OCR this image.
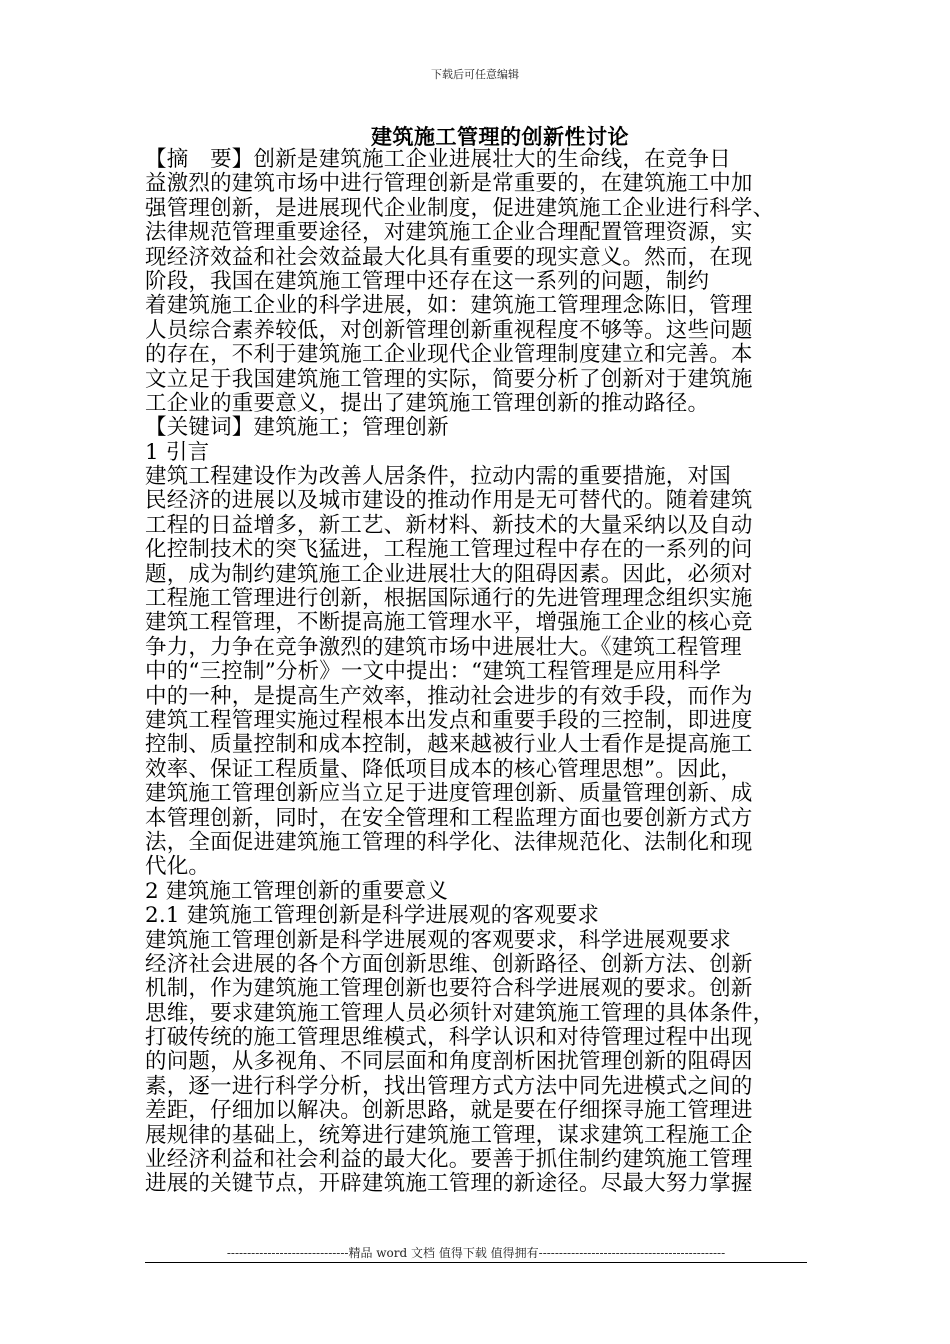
下载后可任意编辑
建筑施工管理的创新性讨论
【摘　要】创新是建筑施工企业进展壮大的生命线，在竞争日
益激烈的建筑市场中进行管理创新是常重要的，在建筑施工中加
强管理创新，是进展现代企业制度，促进建筑施工企业进行科学、
法律规范管理重要途径，对建筑施工企业合理配置管理资源，实
现经济效益和社会效益最大化具有重要的现实意义。然而，在现
阶段，我国在建筑施工管理中还存在这一系列的问题，制约
着建筑施工企业的科学进展，如：建筑施工管理理念陈旧，管理
人员综合素养较低，对创新管理创新重视程度不够等。这些问题
的存在，不利于建筑施工企业现代企业管理制度建立和完善。本
文立足于我国建筑施工管理的实际，简要分析了创新对于建筑施
工企业的重要意义，提出了建筑施工管理创新的推动路径。
【关键词】建筑施工；管理创新
1 引言
建筑工程建设作为改善人居条件，拉动内需的重要措施，对国
民经济的进展以及城市建设的推动作用是无可替代的。随着建筑
工程的日益增多，新工艺、新材料、新技术的大量采纳以及自动
化控制技术的突飞猛进，工程施工管理过程中存在的一系列的问
题，成为制约建筑施工企业进展壮大的阻碍因素。因此，必须对
工程施工管理进行创新，根据国际通行的先进管理理念组织实施
建筑工程管理，不断提高施工管理水平，增强施工企业的核心竞
争力，力争在竞争激烈的建筑市场中进展壮大。《建筑工程管理
中的“三控制”分析》一文中提出：“建筑工程管理是应用科学
中的一种，是提高生产效率，推动社会进步的有效手段，而作为
建筑工程管理实施过程根本出发点和重要手段的三控制，即进度
控制、质量控制和成本控制，越来越被行业人士看作是提高施工
效率、保证工程质量、降低项目成本的核心管理思想”。因此，
建筑施工管理创新应当立足于进度管理创新、质量管理创新、成
本管理创新，同时，在安全管理和工程监理方面也要创新方式方
法，全面促进建筑施工管理的科学化、法律规范化、法制化和现
代化。
2 建筑施工管理创新的重要意义
2.1 建筑施工管理创新是科学进展观的客观要求
建筑施工管理创新是科学进展观的客观要求，科学进展观要求
经济社会进展的各个方面创新思维、创新路径、创新方法、创新
机制，作为建筑施工管理创新也要符合科学进展观的要求。创新
思维，要求建筑施工管理人员必须针对建筑施工管理的具体条件，
打破传统的施工管理思维模式，科学认识和对待管理过程中出现
的问题，从多视角、不同层面和角度剖析困扰管理创新的阻碍因
素，逐一进行科学分析，找出管理方式方法中同先进模式之间的
差距，仔细加以解决。创新思路，就是要在仔细探寻施工管理进
展规律的基础上，统筹进行建筑施工管理，谋求建筑工程施工企
业经济利益和社会利益的最大化。要善于抓住制约建筑施工管理
进展的关键节点，开辟建筑施工管理的新途径。尽最大努力掌握
------------------------------精品 word 文档 值得下载 值得拥有----------------------------------------------
